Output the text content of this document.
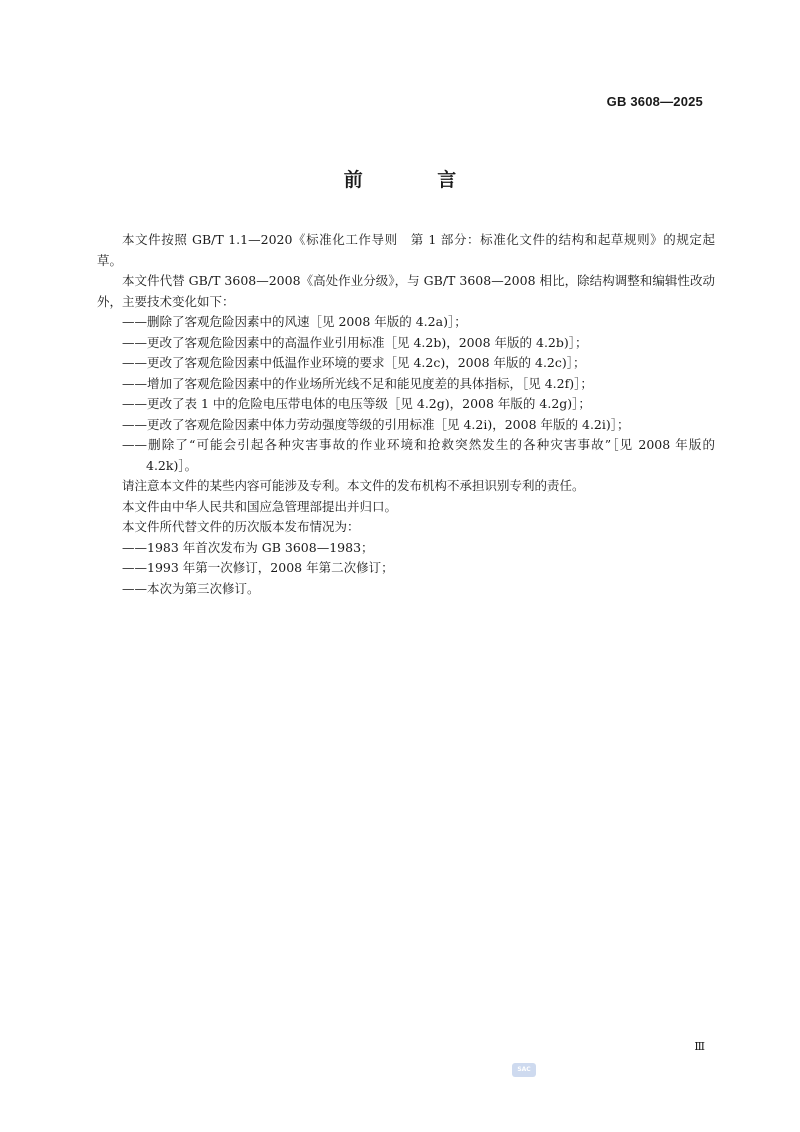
GB 3608—2025
前 言

本文件按照 GB/T 1.1—2020《标准化工作导则　第 1 部分：标准化文件的结构和起草规则》的规定起草。

本文件代替 GB/T 3608—2008《高处作业分级》，与 GB/T 3608—2008 相比，除结构调整和编辑性改动外，主要技术变化如下：

——删除了客观危险因素中的风速［见 2008 年版的 4.2a)］；

——更改了客观危险因素中的高温作业引用标准［见 4.2b)，2008 年版的 4.2b)］；

——更改了客观危险因素中低温作业环境的要求［见 4.2c)，2008 年版的 4.2c)］；

——增加了客观危险因素中的作业场所光线不足和能见度差的具体指标，［见 4.2f)］；

——更改了表 1 中的危险电压带电体的电压等级［见 4.2g)，2008 年版的 4.2g)］；

——更改了客观危险因素中体力劳动强度等级的引用标准［见 4.2i)，2008 年版的 4.2i)］；

——删除了“可能会引起各种灾害事故的作业环境和抢救突然发生的各种灾害事故”［见 2008 年版的 4.2k)］。

请注意本文件的某些内容可能涉及专利。本文件的发布机构不承担识别专利的责任。

本文件由中华人民共和国应急管理部提出并归口。

本文件所代替文件的历次版本发布情况为：

——1983 年首次发布为 GB 3608—1983；

——1993 年第一次修订，2008 年第二次修订；

——本次为第三次修订。

Ⅲ
SAC
